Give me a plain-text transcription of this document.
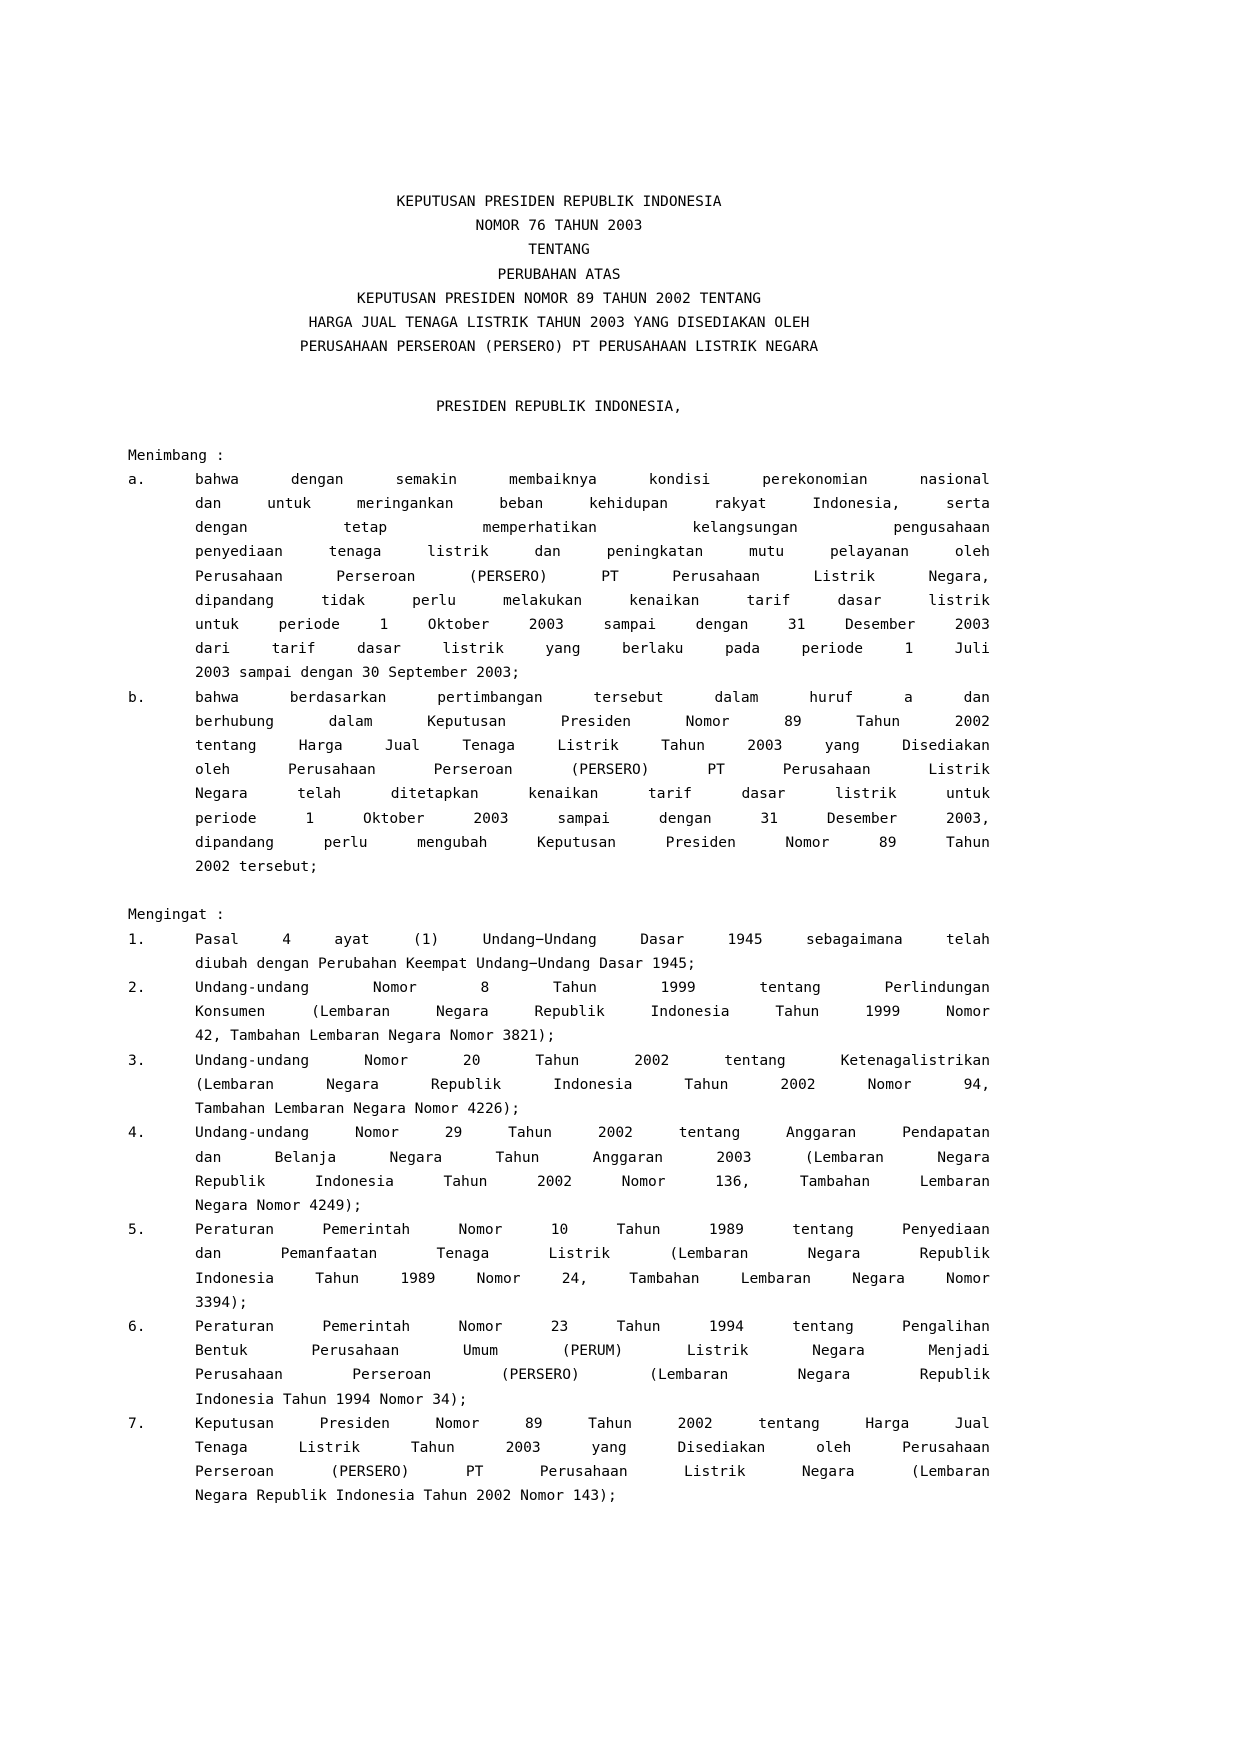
KEPUTUSAN PRESIDEN REPUBLIK INDONESIA
NOMOR 76 TAHUN 2003
TENTANG
PERUBAHAN ATAS
KEPUTUSAN PRESIDEN NOMOR 89 TAHUN 2002 TENTANG
HARGA JUAL TENAGA LISTRIK TAHUN 2003 YANG DISEDIAKAN OLEH
PERUSAHAAN PERSEROAN (PERSERO) PT PERUSAHAAN LISTRIK NEGARA
PRESIDEN REPUBLIK INDONESIA,
Menimbang :
a.	bahwa	dengan	semakin	membaiknya	kondisi	perekonomian	nasional
dan	untuk	meringankan	beban	kehidupan	rakyat	Indonesia,	serta
dengan	tetap	memperhatikan	kelangsungan	pengusahaan
penyediaan	tenaga	listrik	dan	peningkatan	mutu	pelayanan	oleh
Perusahaan	Perseroan	(PERSERO)	PT	Perusahaan	Listrik	Negara,
dipandang	tidak	perlu	melakukan	kenaikan	tarif	dasar	listrik
untuk	periode	1	Oktober	2003	sampai	dengan	31	Desember	2003
dari	tarif	dasar	listrik	yang	berlaku	pada	periode	1	Juli
2003 sampai dengan 30 September 2003;
b.	bahwa	berdasarkan	pertimbangan	tersebut	dalam	huruf	a	dan
berhubung	dalam	Keputusan	Presiden	Nomor	89	Tahun	2002
tentang	Harga	Jual	Tenaga	Listrik	Tahun	2003	yang	Disediakan
oleh	Perusahaan	Perseroan	(PERSERO)	PT	Perusahaan	Listrik
Negara	telah	ditetapkan	kenaikan	tarif	dasar	listrik	untuk
periode	1	Oktober	2003	sampai	dengan	31	Desember	2003,
dipandang	perlu	mengubah	Keputusan	Presiden	Nomor	89	Tahun
2002 tersebut;
Mengingat :
1.	Pasal	4	ayat	(1)	Undang−Undang	Dasar	1945	sebagaimana	telah
diubah dengan Perubahan Keempat Undang−Undang Dasar 1945;
2.	Undang-undang	Nomor	8	Tahun	1999	tentang	Perlindungan
Konsumen	(Lembaran	Negara	Republik	Indonesia	Tahun	1999	Nomor
42, Tambahan Lembaran Negara Nomor 3821);
3.	Undang-undang	Nomor	20	Tahun	2002	tentang	Ketenagalistrikan
(Lembaran	Negara	Republik	Indonesia	Tahun	2002	Nomor	94,
Tambahan Lembaran Negara Nomor 4226);
4.	Undang-undang	Nomor	29	Tahun	2002	tentang	Anggaran	Pendapatan
dan	Belanja	Negara	Tahun	Anggaran	2003	(Lembaran	Negara
Republik	Indonesia	Tahun	2002	Nomor	136,	Tambahan	Lembaran
Negara Nomor 4249);
5.	Peraturan	Pemerintah	Nomor	10	Tahun	1989	tentang	Penyediaan
dan	Pemanfaatan	Tenaga	Listrik	(Lembaran	Negara	Republik
Indonesia	Tahun	1989	Nomor	24,	Tambahan	Lembaran	Negara	Nomor
3394);
6.	Peraturan	Pemerintah	Nomor	23	Tahun	1994	tentang	Pengalihan
Bentuk	Perusahaan	Umum	(PERUM)	Listrik	Negara	Menjadi
Perusahaan	Perseroan	(PERSERO)	(Lembaran	Negara	Republik
Indonesia Tahun 1994 Nomor 34);
7.	Keputusan	Presiden	Nomor	89	Tahun	2002	tentang	Harga	Jual
Tenaga	Listrik	Tahun	2003	yang	Disediakan	oleh	Perusahaan
Perseroan	(PERSERO)	PT	Perusahaan	Listrik	Negara	(Lembaran
Negara Republik Indonesia Tahun 2002 Nomor 143);
